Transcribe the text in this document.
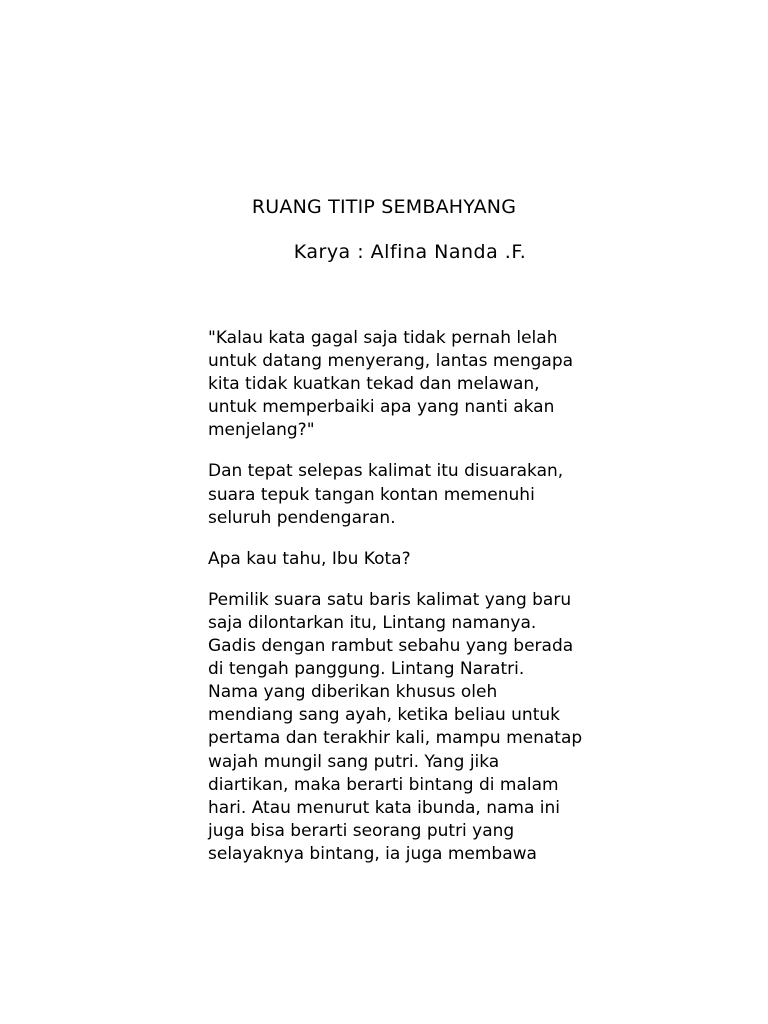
RUANG TITIP SEMBAHYANG
Karya : Alfina Nanda .F.

"Kalau kata gagal saja tidak pernah lelah
untuk datang menyerang, lantas mengapa
kita tidak kuatkan tekad dan melawan,
untuk memperbaiki apa yang nanti akan
menjelang?"

Dan tepat selepas kalimat itu disuarakan,
suara tepuk tangan kontan memenuhi
seluruh pendengaran.

Apa kau tahu, Ibu Kota?

Pemilik suara satu baris kalimat yang baru
saja dilontarkan itu, Lintang namanya.
Gadis dengan rambut sebahu yang berada
di tengah panggung. Lintang Naratri.
Nama yang diberikan khusus oleh
mendiang sang ayah, ketika beliau untuk
pertama dan terakhir kali, mampu menatap
wajah mungil sang putri. Yang jika
diartikan, maka berarti bintang di malam
hari. Atau menurut kata ibunda, nama ini
juga bisa berarti seorang putri yang
selayaknya bintang, ia juga membawa
